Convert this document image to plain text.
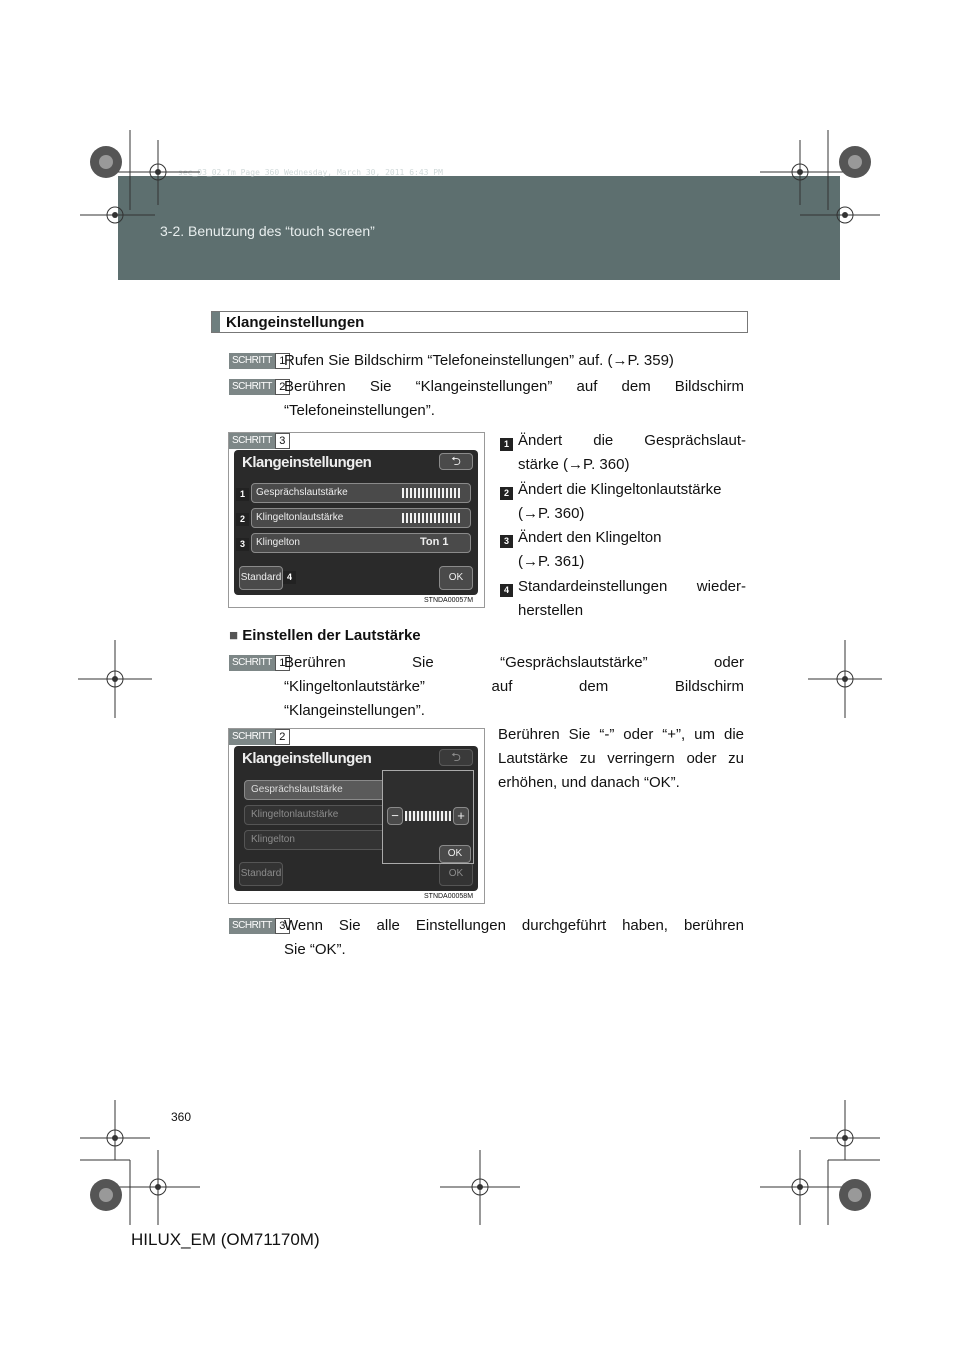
3-2. Benutzung des “touch screen”
sec_03_02.fm Page 360 Wednesday, March 30, 2011 6:43 PM
Klangeinstellungen
SCHRITT 1
Rufen Sie Bildschirm “Telefoneinstellungen” auf. (→P. 359)
SCHRITT 2
Berühren Sie “Klangeinstellungen” auf dem Bildschirm
“Telefoneinstellungen”.
SCHRITT 3
Klangeinstellungen	⮌
Gesprächslautstärke
Klingeltonlautstärke
Klingelton	Ton 1
Standard	OK
1
2
3
4
STNDA00057M
1 Ändert die Gesprächslaut-
stärke (→P. 360)
2 Ändert die Klingeltonlautstärke
(→P. 360)
3 Ändert den Klingelton
(→P. 361)
4 Standardeinstellungen wieder-
herstellen
■ Einstellen der Lautstärke
SCHRITT 1
Berühren Sie “Gesprächslautstärke” oder
“Klingeltonlautstärke” auf dem Bildschirm
“Klangeinstellungen”.
SCHRITT 2
Klangeinstellungen	⮌
Gesprächslautstärke
Klingeltonlautstärke
Klingelton
Standard	OK
−	+
OK
STNDA00058M
Berühren Sie “-” oder “+”, um die
Lautstärke zu verringern oder zu
erhöhen, und danach “OK”.
SCHRITT 3
Wenn Sie alle Einstellungen durchgeführt haben, berühren
Sie “OK”.
360
HILUX_EM (OM71170M)
